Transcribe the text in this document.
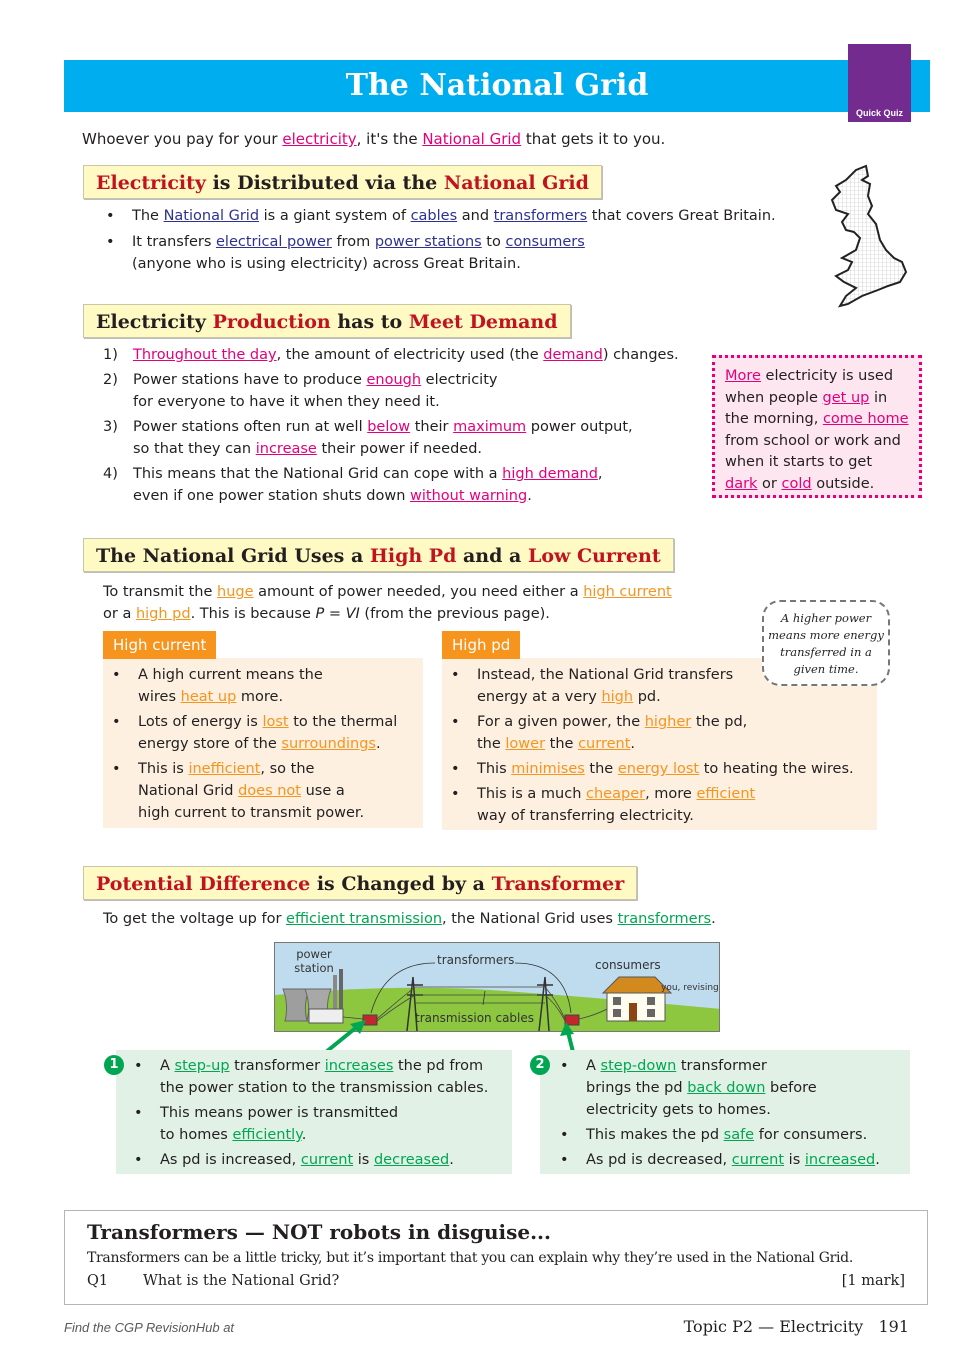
The National Grid
Quick Quiz
Whoever you pay for your electricity, it's the National Grid that gets it to you.
Electricity is Distributed via the National Grid
• The National Grid is a giant system of cables and transformers that covers Great Britain.
• It transfers electrical power from power stations to consumers
(anyone who is using electricity) across Great Britain.
Electricity Production has to Meet Demand
1) Throughout the day, the amount of electricity used (the demand) changes.
2) Power stations have to produce enough electricity
for everyone to have it when they need it.
3) Power stations often run at well below their maximum power output,
so that they can increase their power if needed.
4) This means that the National Grid can cope with a high demand,
even if one power station shuts down without warning.
More electricity is used when people get up in the morning, come home from school or work and when it starts to get dark or cold outside.
The National Grid Uses a High Pd and a Low Current
To transmit the huge amount of power needed, you need either a high current
or a high pd. This is because P = VI (from the previous page).
High current
• A high current means the
wires heat up more.
• Lots of energy is lost to the thermal
energy store of the surroundings.
• This is inefficient, so the
National Grid does not use a
high current to transmit power.
High pd
• Instead, the National Grid transfers
energy at a very high pd.
• For a given power, the higher the pd,
the lower the current.
• This minimises the energy lost to heating the wires.
• This is a much cheaper, more efficient
way of transferring electricity.
A higher power means more energy transferred in a given time.
Potential Difference is Changed by a Transformer
To get the voltage up for efficient transmission, the National Grid uses transformers.
power station
transformers	consumers
you, revising
transmission cables
1	• A step-up transformer increases the pd from
the power station to the transmission cables.
• This means power is transmitted
to homes efficiently.
• As pd is increased, current is decreased.
2	• A step-down transformer
brings the pd back down before
electricity gets to homes.
• This makes the pd safe for consumers.
• As pd is decreased, current is increased.
Transformers — NOT robots in disguise...
Transformers can be a little tricky, but it’s important that you can explain why they’re used in the National Grid.
Q1 What is the National Grid?	[1 mark]
Find the CGP RevisionHub at	Topic P2 — Electricity 191
